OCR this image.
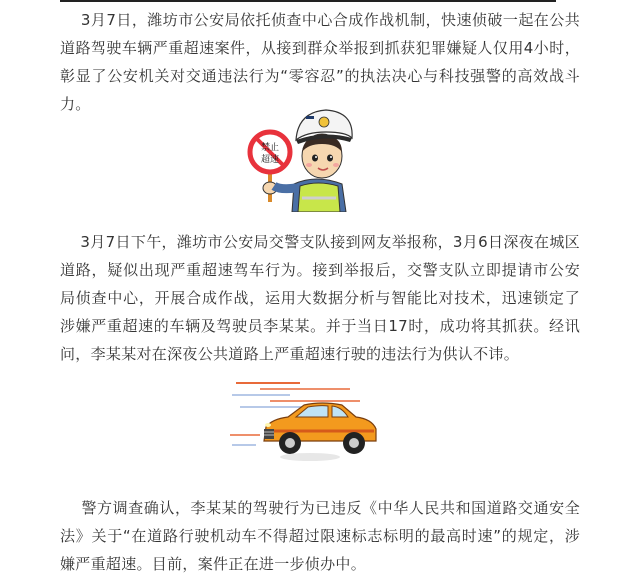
3月7日，潍坊市公安局依托侦查中心合成作战机制，快速侦破一起在公共道路驾驶车辆严重超速案件，从接到群众举报到抓获犯罪嫌疑人仅用4小时，彰显了公安机关对交通违法行为“零容忍”的执法决心与科技强警的高效战斗力。

禁止
超速

3月7日下午，潍坊市公安局交警支队接到网友举报称，3月6日深夜在城区道路，疑似出现严重超速驾车行为。接到举报后，交警支队立即提请市公安局侦查中心，开展合成作战，运用大数据分析与智能比对技术，迅速锁定了涉嫌严重超速的车辆及驾驶员李某某。并于当日17时，成功将其抓获。经讯问，李某某对在深夜公共道路上严重超速行驶的违法行为供认不讳。

警方调查确认，李某某的驾驶行为已违反《中华人民共和国道路交通安全法》关于“在道路行驶机动车不得超过限速标志标明的最高时速”的规定，涉嫌严重超速。目前，案件正在进一步侦办中。
